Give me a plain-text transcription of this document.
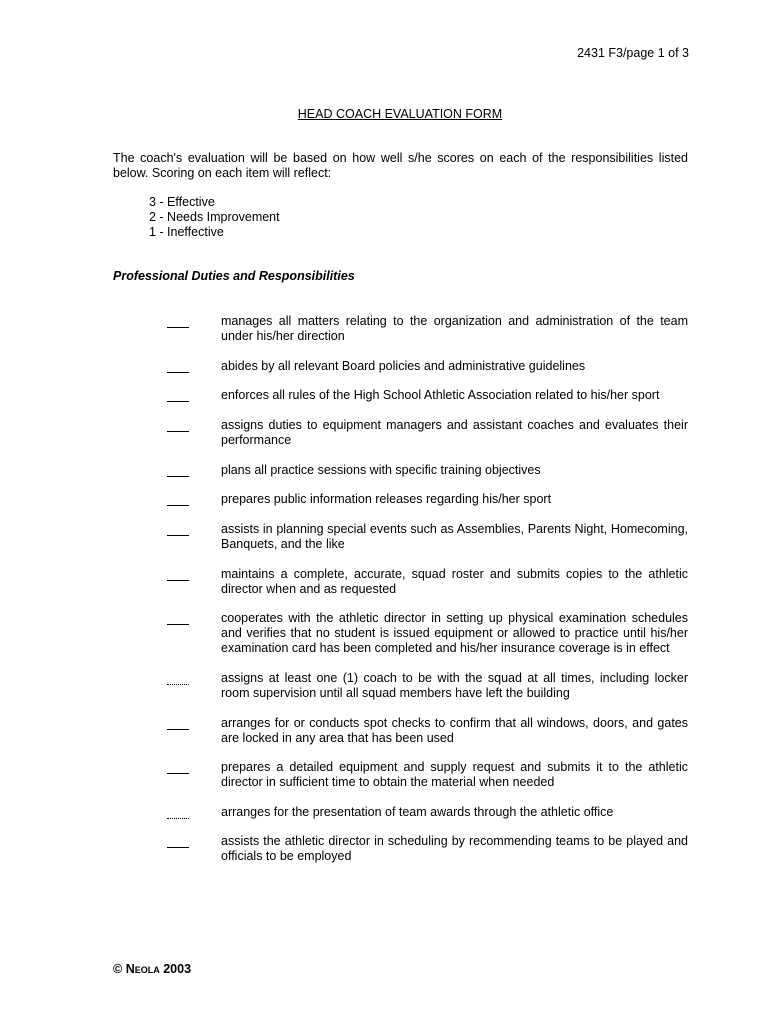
2431 F3/page 1 of 3
HEAD COACH EVALUATION FORM
The coach's evaluation will be based on how well s/he scores on each of the responsibilities listed below. Scoring on each item will reflect:
3 - Effective
2 - Needs Improvement
1 - Ineffective
Professional Duties and Responsibilities
manages all matters relating to the organization and administration of the team under his/her direction
abides by all relevant Board policies and administrative guidelines
enforces all rules of the High School Athletic Association related to his/her sport
assigns duties to equipment managers and assistant coaches and evaluates their performance
plans all practice sessions with specific training objectives
prepares public information releases regarding his/her sport
assists in planning special events such as Assemblies, Parents Night, Homecoming, Banquets, and the like
maintains a complete, accurate, squad roster and submits copies to the athletic director when and as requested
cooperates with the athletic director in setting up physical examination schedules and verifies that no student is issued equipment or allowed to practice until his/her examination card has been completed and his/her insurance coverage is in effect
assigns at least one (1) coach to be with the squad at all times, including locker room supervision until all squad members have left the building
arranges for or conducts spot checks to confirm that all windows, doors, and gates are locked in any area that has been used
prepares a detailed equipment and supply request and submits it to the athletic director in sufficient time to obtain the material when needed
arranges for the presentation of team awards through the athletic office
assists the athletic director in scheduling by recommending teams to be played and officials to be employed
© Neola 2003
